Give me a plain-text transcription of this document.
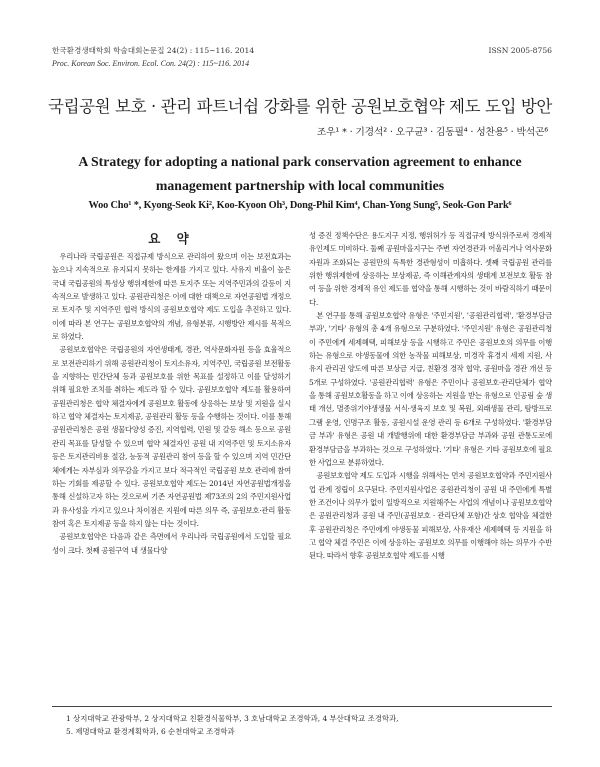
한국환경생태학회 학술대회논문집 24(2) : 115~116. 2014
Proc. Korean Soc. Environ. Ecol. Con. 24(2) : 115~116. 2014
ISSN 2005-8756
국립공원 보호 · 관리 파트너쉽 강화를 위한 공원보호협약 제도 도입 방안
조우¹ * · 기경석² · 오구균³ · 김동필⁴ · 성찬용⁵ · 박석곤⁶
A Strategy for adopting a national park conservation agreement to enhance management partnership with local communities
Woo Cho¹ *, Kyong-Seok Ki², Koo-Kyoon Oh³, Dong-Phil Kim⁴, Chan-Yong Sung⁵, Seok-Gon Park⁶
요 약

우리나라 국립공원은 직접규제 방식으로 관리하여 왔으며 이는 보전효과는 높으나 지속적으로 유지되지 못하는 한계를 가지고 있다. 사유지 비율이 높은 국내 국립공원의 특성상 행위제한에 따른 토지주 또는 지역주민과의 갈등이 지속적으로 발생하고 있다. 공원관리청은 이에 대한 대책으로 자연공원법 개정으로 토지주 및 지역주민 협력 방식의 공원보호협약 제도 도입을 추진하고 있다. 이에 따라 본 연구는 공원보호협약의 개념, 유형분류, 시행방안 제시를 목적으로 하였다.

공원보호협약은 국립공원의 자연생태계, 경관, 역사문화자원 등을 효율적으로 보전관리하기 위해 공원관리청이 토지소유자, 지역주민, 국립공원 보전활동을 지향하는 민간단체 등과 공원보호를 위한 목표를 설정하고 이를 달성하기 위해 필요한 조치를 취하는 제도라 할 수 있다. 공원보호협약 제도를 활용하여 공원관리청은 협약 체결자에게 공원보호 활동에 상응하는 보상 및 지원을 실시하고 협약 체결자는 토지제공, 공원관리 활동 등을 수행하는 것이다. 이를 통해 공원관리청은 공원 생물다양성 증진, 지역협력, 민원 및 갈등 해소 등으로 공원관리 목표를 달성할 수 있으며 협약 체결자인 공원 내 지역주민 및 토지소유자 등은 토지관리비용 절감, 능동적 공원관리 참여 등을 할 수 있으며 지역 민간단체에게는 자부심과 의무감을 가지고 보다 적극적인 국립공원 보호 관리에 참여하는 기회를 제공할 수 있다. 공원보호협약 제도는 2014년 자연공원법개정을 통해 신설하고자 하는 것으로써 기존 자연공원법 제73조의 2의 주민지원사업과 유사성을 가지고 있으나 차이점은 지원에 따른 의무 즉, 공원보호·관리 활동 참여 혹은 토지제공 등을 하지 않는 다는 것이다.

공원보호협약은 다음과 같은 측면에서 우리나라 국립공원에서 도입할 필요성이 크다. 첫째 공원구역 내 생물다양

성 증진 정책수단은 용도지구 지정, 행위허가 등 직접규제 방식위주로써 경제적 유인제도 미비하다. 둘째 공원마을지구는 주변 자연경관과 어울리거나 역사문화자원과 조화되는 공원만의 독특한 경관형성이 미흡하다. 셋째 국립공원 관리를 위한 행위제한에 상응하는 보상제공, 즉 이해관계자의 생태계 보전보호 활동 참여 등을 위한 경제적 유인 제도를 협약을 통해 시행하는 것이 바람직하기 때문이다.

본 연구를 통해 공원보호협약 유형은 '주민지원', '공원관리협력', '환경부담금 부과', '기타' 유형의 총 4개 유형으로 구분하였다. '주민지원' 유형은 공원관리청이 주민에게 세제혜택, 피해보상 등을 시행하고 주민은 공원보호의 의무를 이행하는 유형으로 야생동물에 의한 농작물 피해보상, 미경작 휴경지 세제 지원, 사유지 관리권 양도에 따른 보상금 지급, 친환경 경작 협약, 공원마을 경관 개선 등 5개로 구성하였다. '공원관리협력' 유형은 주민이나 공원보호·관리단체가 협약을 통해 공원보호활동을 하고 이에 상응하는 지원을 받는 유형으로 인공림 숲 생태 개선, 멸종위기야생생물 서식·생육지 보호 및 복원, 외래생물 관리, 탐방프로그램 운영, 인명구조 활동, 공원시설 운영 관리 등 6개로 구성하였다. '환경부담금 부과' 유형은 공원 내 개발행위에 대한 환경부담금 부과와 공원 관통도로에 환경부담금을 부과하는 것으로 구성하였다. '기타' 유형은 기타 공원보호에 필요한 사업으로 분류하였다.

공원보호협약 제도 도입과 시행을 위해서는 먼저 공원보호협약과 주민지원사업 관계 정립이 요구된다. 주민지원사업은 공원관리청이 공원 내 주민에게 특별한 조건이나 의무가 없이 일방적으로 지원해주는 사업의 개념이나 공원보호협약은 공원관리청과 공원 내 주민(공원보호 · 관리단체 포함)간 상호 협약을 체결한 후 공원관리청은 주민에게 야생동물 피해보상, 사유재산 세제혜택 등 지원을 하고 협약 체결 주민은 이에 상응하는 공원보호 의무를 이행해야 하는 의무가 수반된다. 따라서 향후 공원보호협약 제도를 시행

1 상지대학교 관광학부, 2 상지대학교 친환경식물학부, 3 호남대학교 조경학과, 4 부산대학교 조경학과,
5. 제명대학교 환경계획학과, 6 순천대학교 조경학과
